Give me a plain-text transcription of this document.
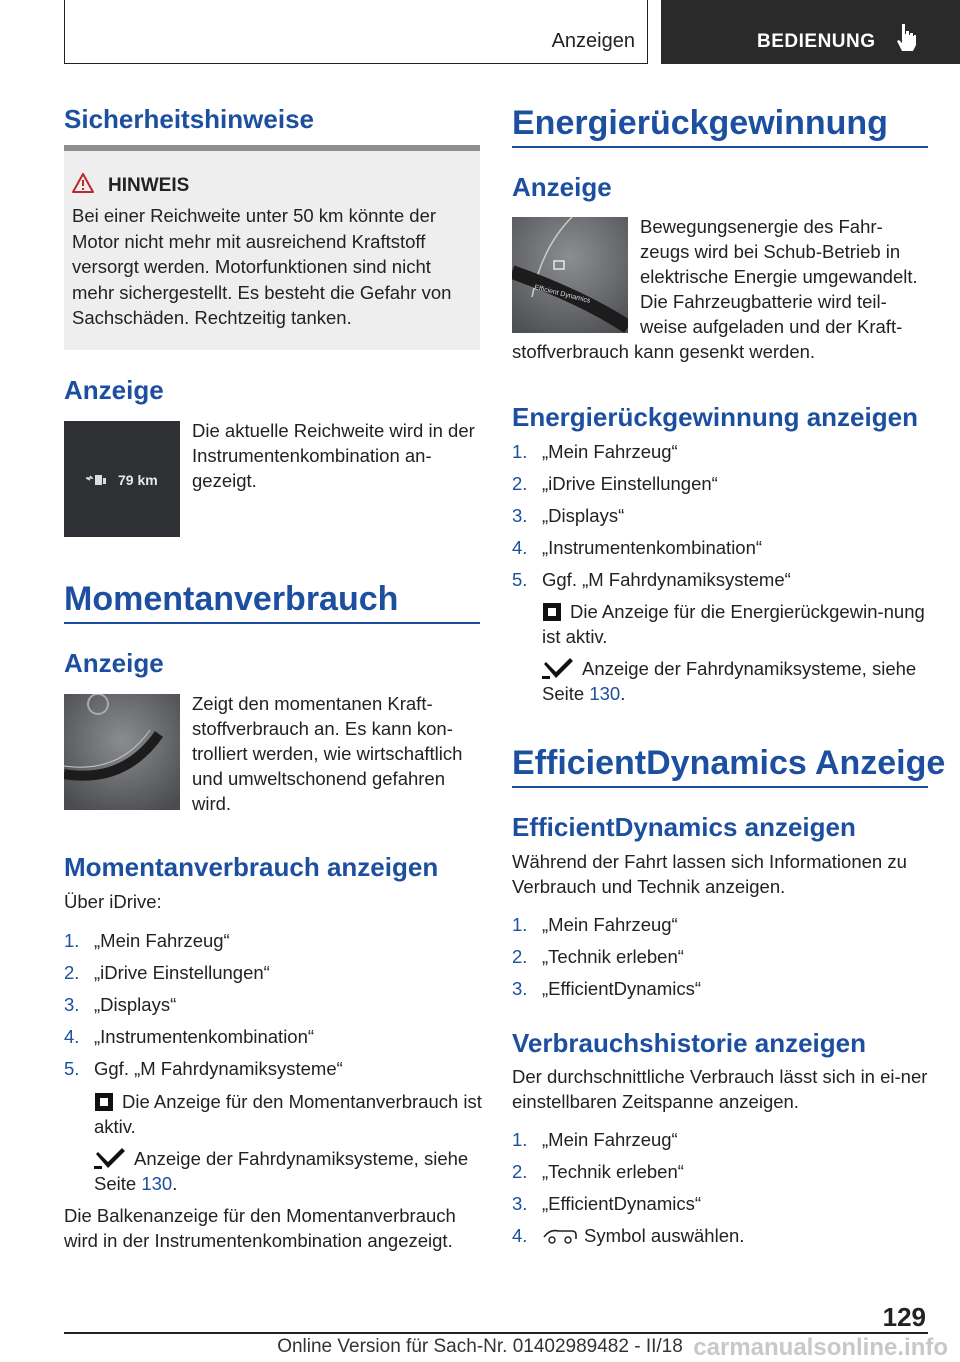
Anzeigen	BEDIENUNG
Sicherheitshinweise
HINWEIS
Bei einer Reichweite unter 50 km könnte der Motor nicht mehr mit ausreichend Kraftstoff versorgt werden. Motorfunktionen sind nicht mehr sichergestellt. Es besteht die Gefahr von Sachschäden. Rechtzeitig tanken.
Anzeige
79 km

Die aktuelle Reichweite wird in der Instrumentenkombination an-gezeigt.

Momentanverbrauch
Anzeige

Zeigt den momentanen Kraft-stoffverbrauch an. Es kann kon-trolliert werden, wie wirtschaftlich und umweltschonend gefahren wird.

Momentanverbrauch anzeigen

Über iDrive:

1. „Mein Fahrzeug“
2. „iDrive Einstellungen“
3. „Displays“
4. „Instrumentenkombination“
5. Ggf. „M Fahrdynamiksysteme“
Die Anzeige für den Momentanverbrauch ist aktiv.
Anzeige der Fahrdynamiksysteme, siehe Seite 130.

Die Balkenanzeige für den Momentanverbrauch wird in der Instrumentenkombination angezeigt.

Energierückgewinnung
Anzeige
Efficient Dynamics

Bewegungsenergie des Fahr-zeugs wird bei Schub-Betrieb in elektrische Energie umgewandelt. Die Fahrzeugbatterie wird teil-weise aufgeladen und der Kraft-

stoffverbrauch kann gesenkt werden.

Energierückgewinnung anzeigen
1. „Mein Fahrzeug“
2. „iDrive Einstellungen“
3. „Displays“
4. „Instrumentenkombination“
5. Ggf. „M Fahrdynamiksysteme“
Die Anzeige für die Energierückgewin-nung ist aktiv.
Anzeige der Fahrdynamiksysteme, siehe Seite 130.
EfficientDynamics Anzeige
EfficientDynamics anzeigen

Während der Fahrt lassen sich Informationen zu Verbrauch und Technik anzeigen.

1. „Mein Fahrzeug“
2. „Technik erleben“
3. „EfficientDynamics“
Verbrauchshistorie anzeigen

Der durchschnittliche Verbrauch lässt sich in ei-ner einstellbaren Zeitspanne anzeigen.

1. „Mein Fahrzeug“
2. „Technik erleben“
3. „EfficientDynamics“
4.	Symbol auswählen.
129
Online Version für Sach-Nr. 01402989482 - II/18 carmanualsonline.info
